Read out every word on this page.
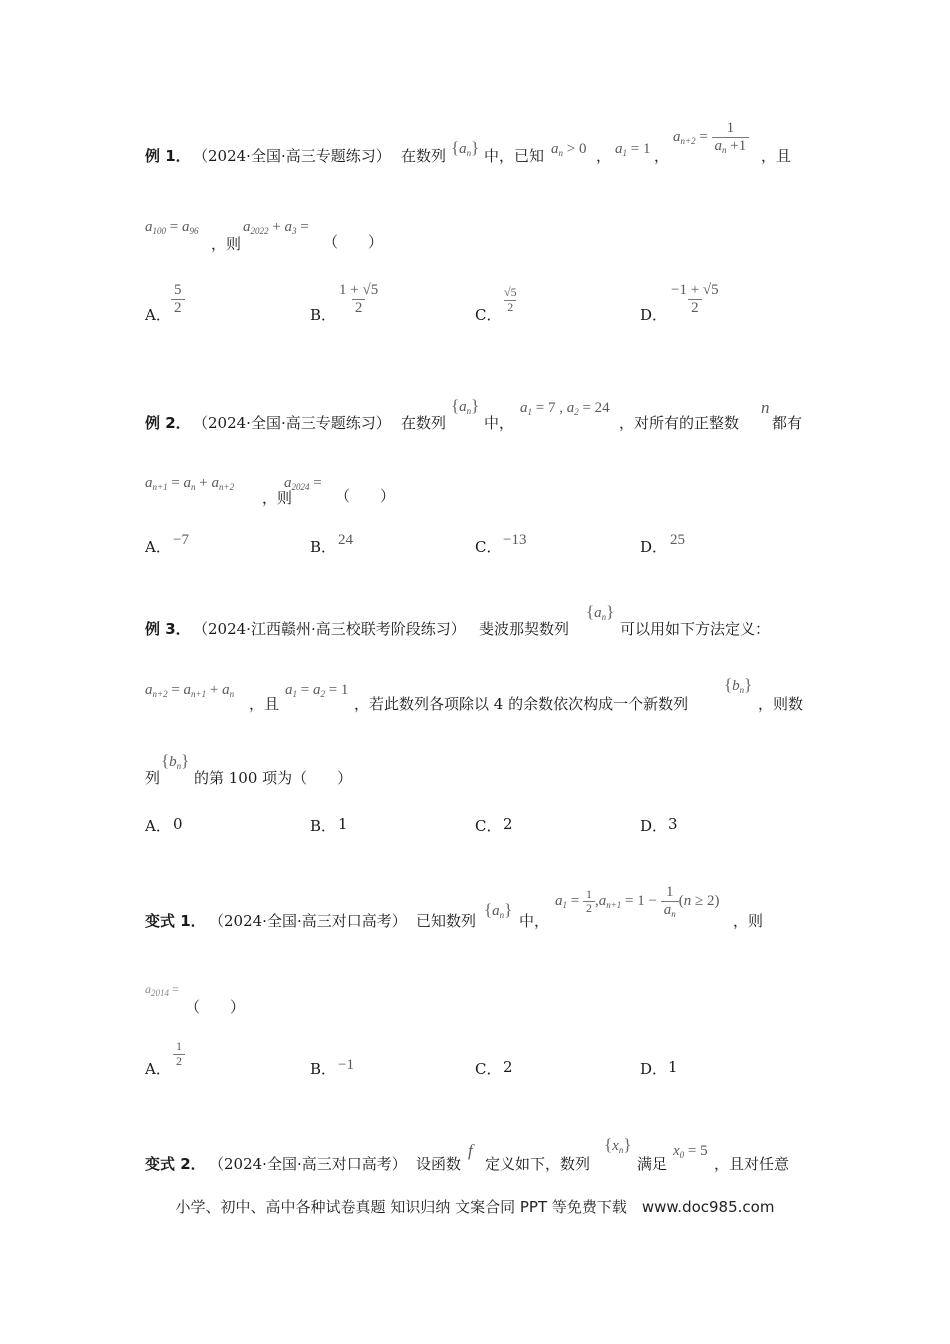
例 1． （2024·全国·高三专题练习） 在数列 $\{a_n\}$ 中，已知 $a_n > 0$ ， $a_1 = 1$ ，
$a_{n+2} = \frac{1}{a_n +1}$
，且
$a_{100} = a_{96}$
，则
$a_{2022} + a_3$ =
（　　）
A． $\frac{5}{2}$	B． $\frac{1 + √5}{2}$	C．
$\frac{√5}{2}$
D． $\frac{-1 + √5}{2}$
例 2． （2024·全国·高三专题练习） 在数列
$\{a_n\}$
中，
$a_1 = 7$ , $a_2 = 24$
，对所有的正整数
n
都有
$a_{n+1} = a_n + a_{n+2}$
，则
$a_{2024}$ =
（　　）
A． −7	B． 24	C． −13	D． 25
例 3． （2024·江西赣州·高三校联考阶段练习） 斐波那契数列
$\{a_n\}$
可以用如下方法定义：
$a_{n+2} = a_{n+1} + a_n$
，且
$a_1 = a_2 = 1$
，若此数列各项除以 4 的余数依次构成一个新数列
$\{b_n\}$
，则数
列
$\{b_n\}$
的第 100 项为（　　）
A． 0	B． 1	C． 2	D． 3
变式 1． （2024·全国·高三对口高考） 已知数列
$\{a_n\}$
中，
$a_1 = \frac{1}{2} ,a_{n+1} = 1 - \frac{1}{a_n} (n \ge 2)$
，则
$a_{2014}$ =
（　　）
A．
$\frac{1}{2}$
B． −1	C． 2	D． 1
变式 2． （2024·全国·高三对口高考） 设函数
f
定义如下，数列
$\{x_n\}$
满足
$x_0 = 5$
，且对任意
小学、初中、高中各种试卷真题 知识归纳 文案合同 PPT 等免费下载　www.doc985.com
